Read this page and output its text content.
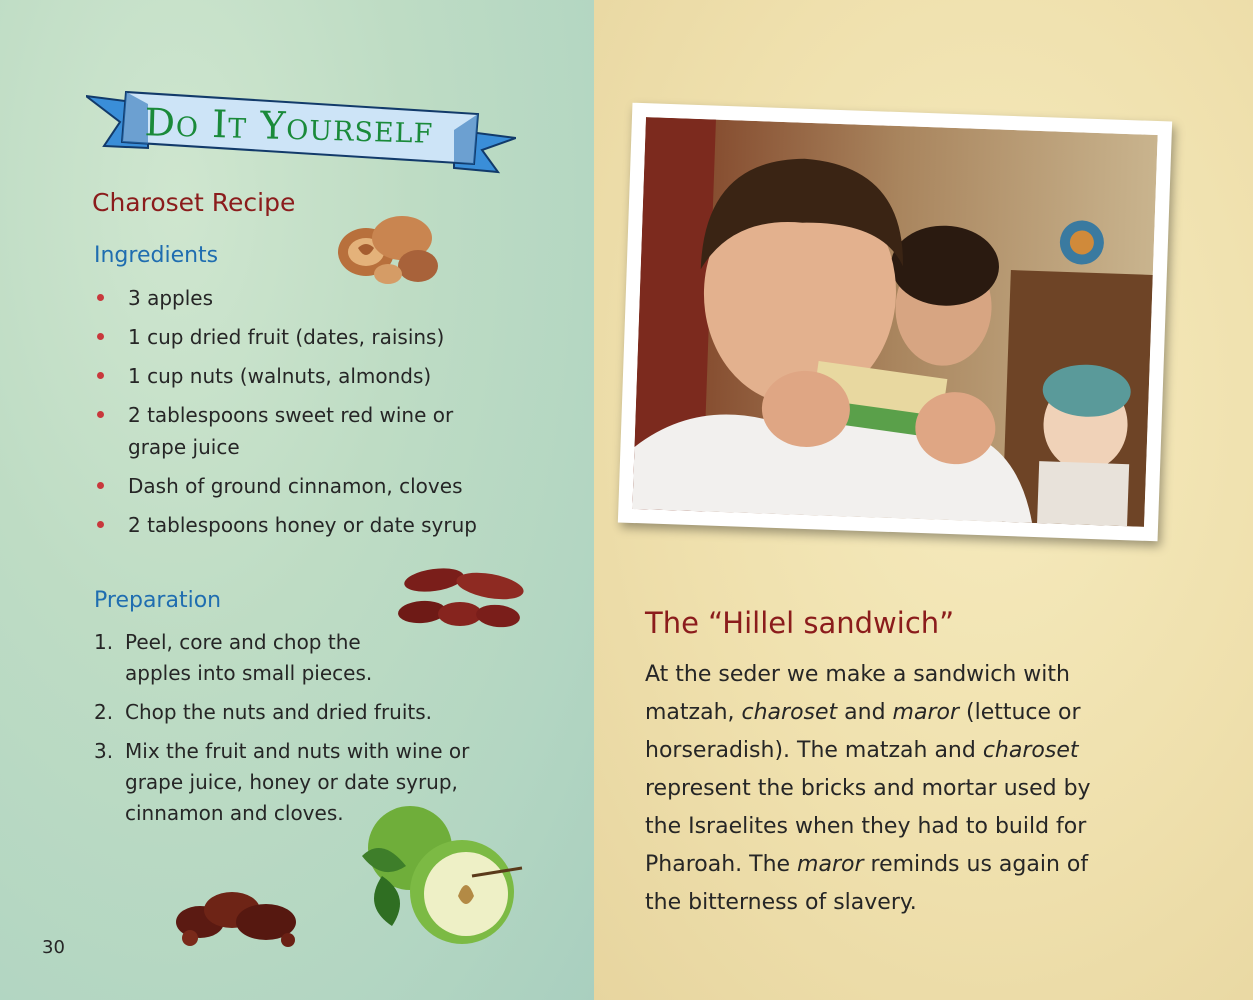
Do It Yourself
Charoset Recipe
Ingredients
3 apples
1 cup dried fruit (dates, raisins)
1 cup nuts (walnuts, almonds)
2 tablespoons sweet red wine or grape juice
Dash of ground cinnamon, cloves
2 tablespoons honey or date syrup
Preparation
1. Peel, core and chop the apples into small pieces.
2. Chop the nuts and dried fruits.
3. Mix the fruit and nuts with wine or grape juice, honey or date syrup, cinnamon and cloves.
30
The “Hillel sandwich”

At the seder we make a sandwich with matzah, charoset and maror (lettuce or horseradish). The matzah and charoset represent the bricks and mortar used by the Israelites when they had to build for Pharoah. The maror reminds us again of the bitterness of slavery.
